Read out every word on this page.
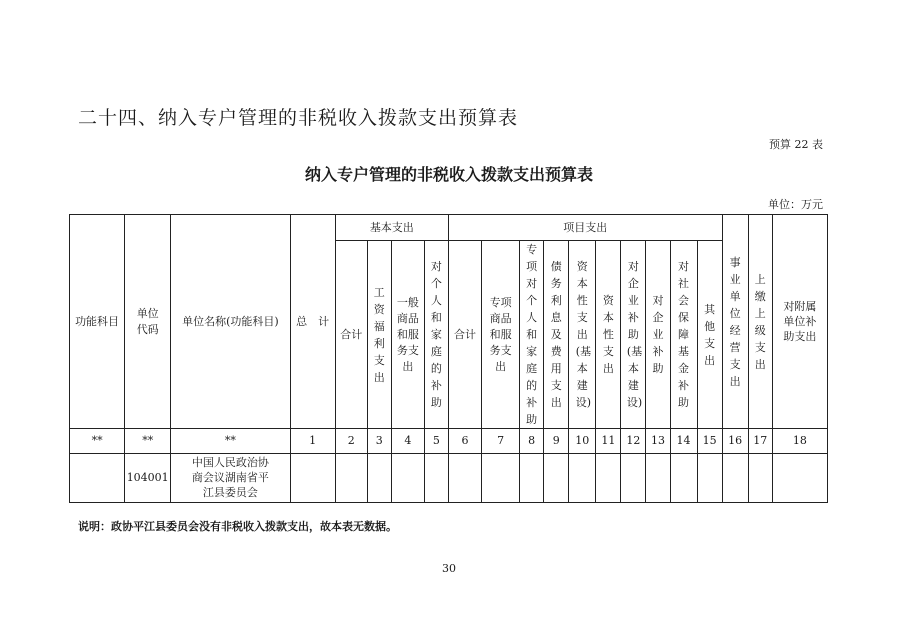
二十四、纳入专户管理的非税收入拨款支出预算表
预算 22 表
纳入专户管理的非税收入拨款支出预算表
单位：万元
功能科目	单位代码	单位名称(功能科目)	总　计	基本支出				项目支出										事业单位经营支出	上缴上级支出	对附属单位补助支出
				合计	工资福利支出	一般商品和服务支出	对个人和家庭的补助	合计	专项商品和服务支出	专项对个人和家庭的补助	债务利息及费用支出	资本性支出(基本建设)	资本性支出	对企业补助(基本建设)	对企业补助	对社会保障基金补助	其他支出			
**	**	**	1	2	3	4	5	6	7	8	9	10	11	12	13	14	15	16	17	18
	104001	中国人民政治协商会议湖南省平江县委员会																		
说明：政协平江县委员会没有非税收入拨款支出，故本表无数据。
30
